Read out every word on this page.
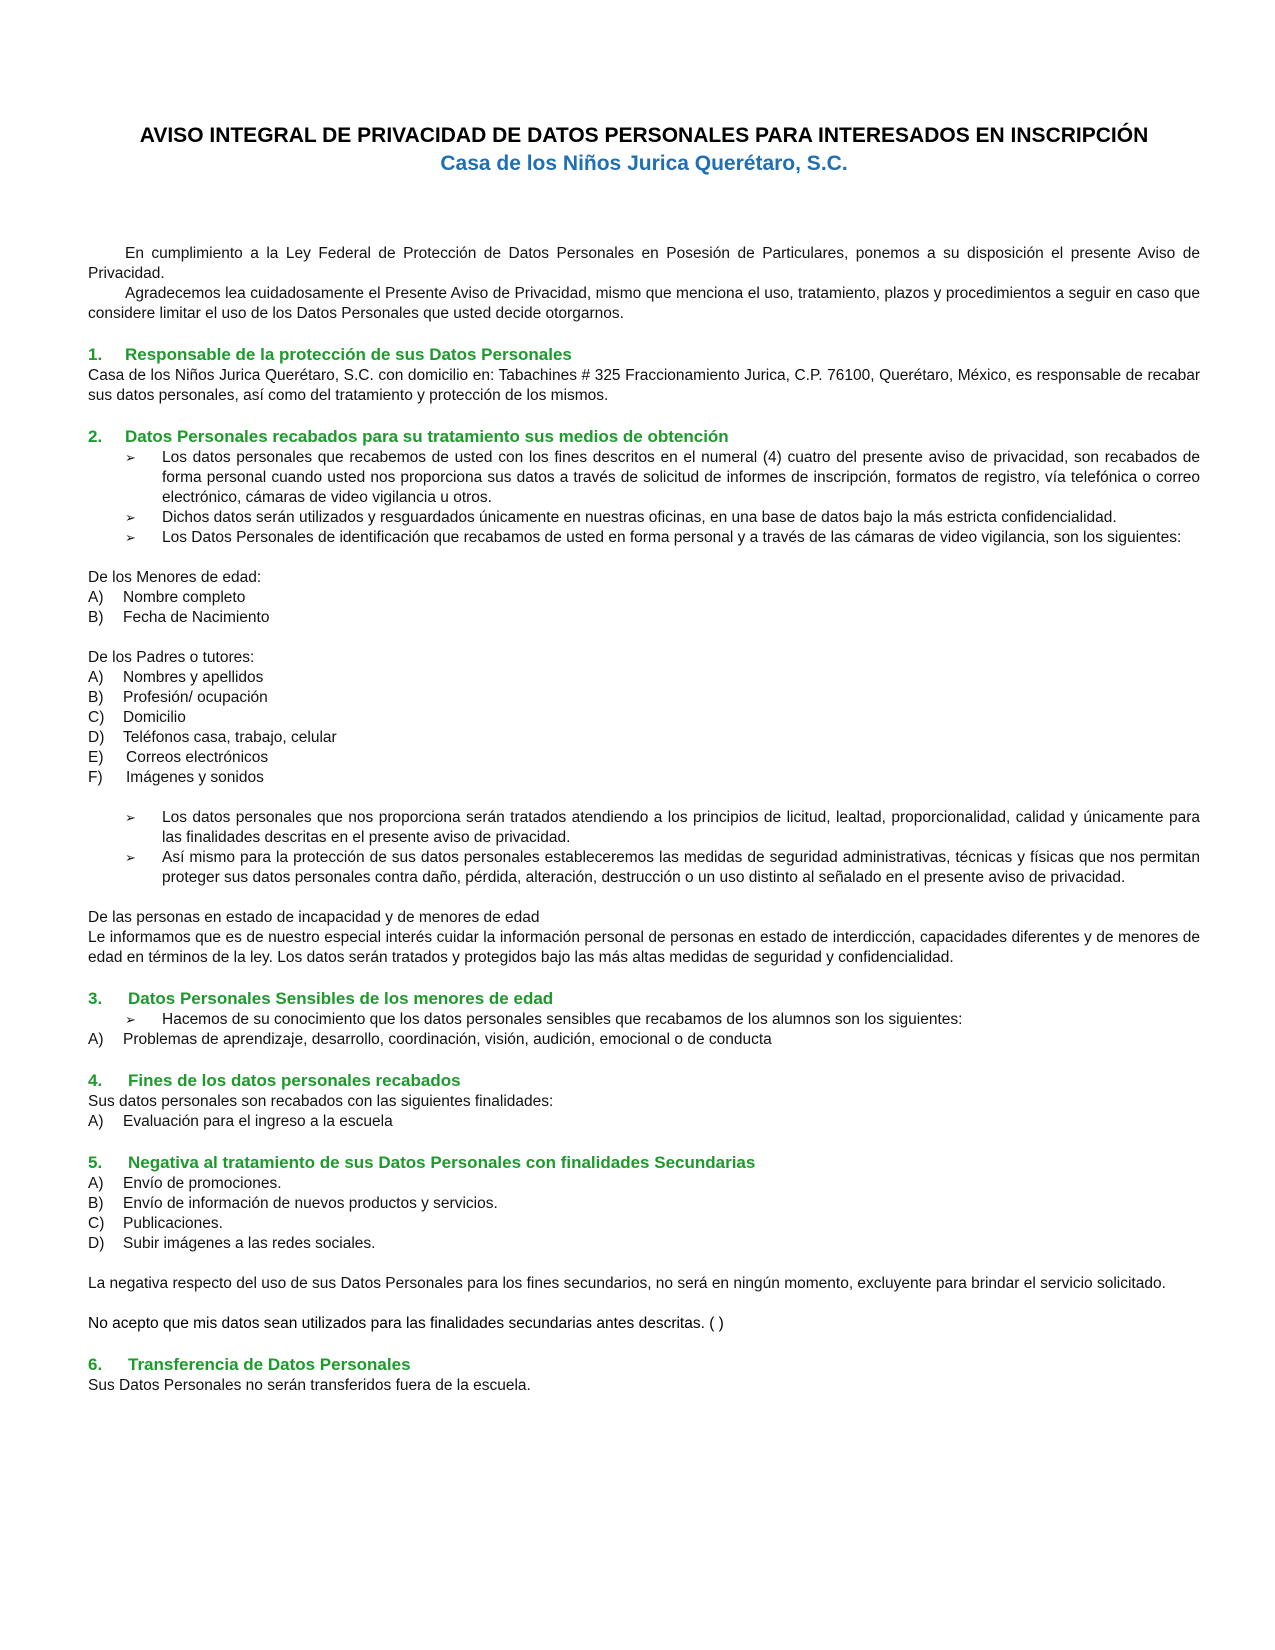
AVISO INTEGRAL DE PRIVACIDAD DE DATOS PERSONALES PARA INTERESADOS EN INSCRIPCIÓN
Casa de los Niños Jurica Querétaro, S.C.

En cumplimiento a la Ley Federal de Protección de Datos Personales en Posesión de Particulares, ponemos a su disposición el presente Aviso de Privacidad.

Agradecemos lea cuidadosamente el Presente Aviso de Privacidad, mismo que menciona el uso, tratamiento, plazos y procedimientos a seguir en caso que considere limitar el uso de los Datos Personales que usted decide otorgarnos.

1.	Responsable de la protección de sus Datos Personales

Casa de los Niños Jurica Querétaro, S.C. con domicilio en: Tabachines # 325 Fraccionamiento Jurica, C.P. 76100, Querétaro, México, es responsable de recabar sus datos personales, así como del tratamiento y protección de los mismos.

2.	Datos Personales recabados para su tratamiento sus medios de obtención
➢	Los datos personales que recabemos de usted con los fines descritos en el numeral (4) cuatro del presente aviso de privacidad, son recabados de forma personal cuando usted nos proporciona sus datos a través de solicitud de informes de inscripción, formatos de registro, vía telefónica o correo electrónico, cámaras de video vigilancia u otros.
➢	Dichos datos serán utilizados y resguardados únicamente en nuestras oficinas, en una base de datos bajo la más estricta confidencialidad.
➢	Los Datos Personales de identificación que recabamos de usted en forma personal y a través de las cámaras de video vigilancia, son los siguientes:

De los Menores de edad:

A)	Nombre completo
B)	Fecha de Nacimiento

De los Padres o tutores:

A)	Nombres y apellidos
B)	Profesión/ ocupación
C)	Domicilio
D)	Teléfonos casa, trabajo, celular
E)	Correos electrónicos
F)	Imágenes y sonidos
➢	Los datos personales que nos proporciona serán tratados atendiendo a los principios de licitud, lealtad, proporcionalidad, calidad y únicamente para las finalidades descritas en el presente aviso de privacidad.
➢	Así mismo para la protección de sus datos personales estableceremos las medidas de seguridad administrativas, técnicas y físicas que nos permitan proteger sus datos personales contra daño, pérdida, alteración, destrucción o un uso distinto al señalado en el presente aviso de privacidad.

De las personas en estado de incapacidad y de menores de edad

Le informamos que es de nuestro especial interés cuidar la información personal de personas en estado de interdicción, capacidades diferentes y de menores de edad en términos de la ley. Los datos serán tratados y protegidos bajo las más altas medidas de seguridad y confidencialidad.

3.	Datos Personales Sensibles de los menores de edad
➢	Hacemos de su conocimiento que los datos personales sensibles que recabamos de los alumnos son los siguientes:
A)	Problemas de aprendizaje, desarrollo, coordinación, visión, audición, emocional o de conducta
4.	Fines de los datos personales recabados

Sus datos personales son recabados con las siguientes finalidades:

A)	Evaluación para el ingreso a la escuela
5.	Negativa al tratamiento de sus Datos Personales con finalidades Secundarias
A)	Envío de promociones.
B)	Envío de información de nuevos productos y servicios.
C)	Publicaciones.
D)	Subir imágenes a las redes sociales.

La negativa respecto del uso de sus Datos Personales para los fines secundarios, no será en ningún momento, excluyente para brindar el servicio solicitado.

No acepto que mis datos sean utilizados para las finalidades secundarias antes descritas. ( )

6.	Transferencia de Datos Personales

Sus Datos Personales no serán transferidos fuera de la escuela.
